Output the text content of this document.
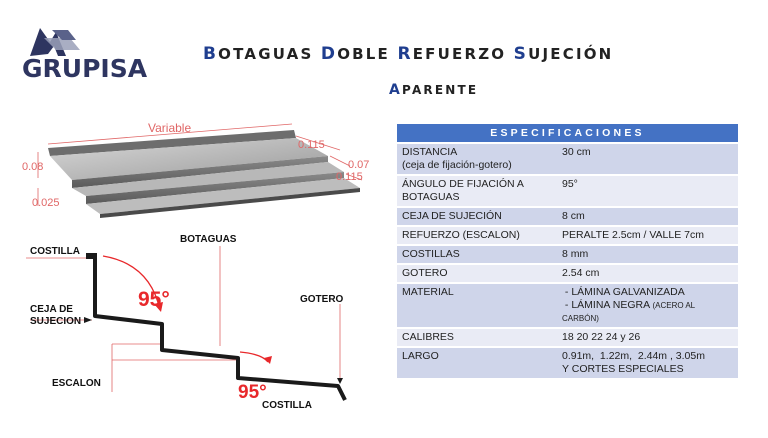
GRUPISA	BOTAGUAS DOBLE REFUERZO SUJECIÓN
APARENTE
Variable
0.08
0.025
0.115
0.07
0.115
COSTILLA
BOTAGUAS
CEJA DE
SUJECION
GOTERO
ESCALON
COSTILLA
95°
95°
ESPECIFICACIONES	
DISTANCIA
(ceja de fijación-gotero)	30 cm
ÁNGULO DE FIJACIÓN A
BOTAGUAS	95°
CEJA DE SUJECIÓN	8 cm
REFUERZO (ESCALON)	PERALTE 2.5cm / VALLE 7cm
COSTILLAS	8 mm
GOTERO	2.54 cm
MATERIAL	- LÁMINA GALVANIZADA
- LÁMINA NEGRA (ACERO AL
CARBÓN)
CALIBRES	18 20 22 24 y 26
LARGO	0.91m,  1.22m,  2.44m , 3.05m
Y CORTES ESPECIALES
